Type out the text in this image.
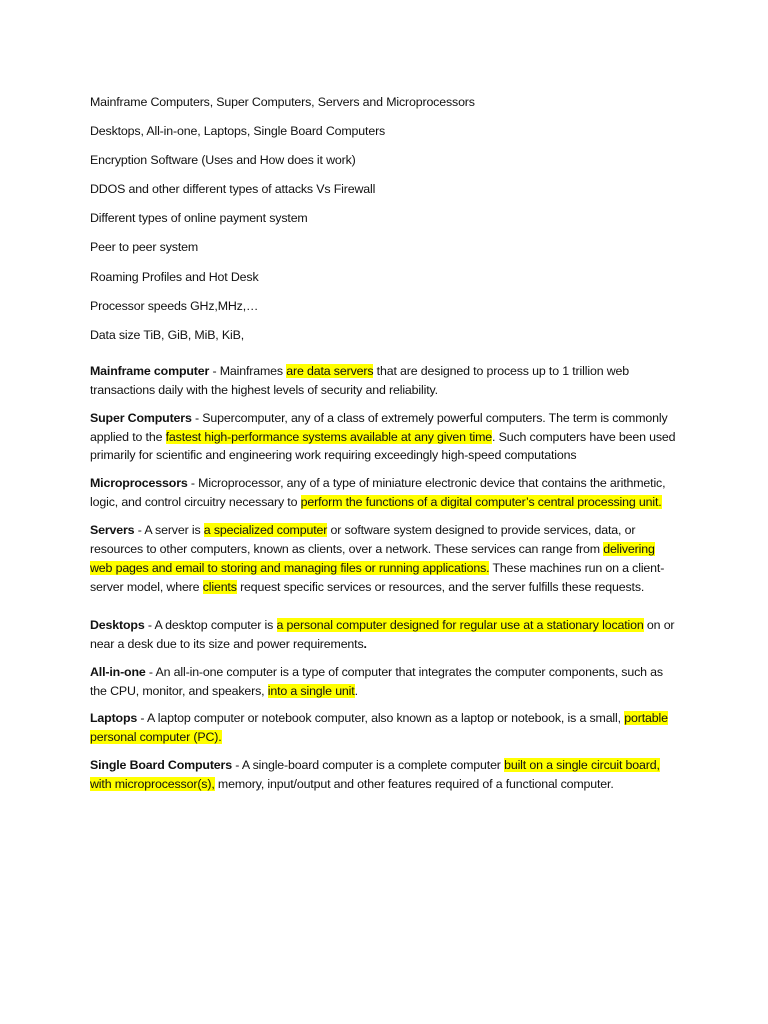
Mainframe Computers, Super Computers, Servers and Microprocessors
Desktops, All-in-one, Laptops, Single Board Computers
Encryption Software (Uses and How does it work)
DDOS and other different types of attacks Vs Firewall
Different types of online payment system
Peer to peer system
Roaming Profiles and Hot Desk
Processor speeds GHz,MHz,…
Data size TiB, GiB, MiB, KiB,

Mainframe computer - Mainframes are data servers that are designed to process up to 1 trillion web transactions daily with the highest levels of security and reliability.

Super Computers - Supercomputer, any of a class of extremely powerful computers. The term is commonly applied to the fastest high-performance systems available at any given time. Such computers have been used primarily for scientific and engineering work requiring exceedingly high-speed computations

Microprocessors - Microprocessor, any of a type of miniature electronic device that contains the arithmetic, logic, and control circuitry necessary to perform the functions of a digital computer’s central processing unit.

Servers - A server is a specialized computer or software system designed to provide services, data, or resources to other computers, known as clients, over a network. These services can range from delivering web pages and email to storing and managing files or running applications. These machines run on a client-server model, where clients request specific services or resources, and the server fulfills these requests.

Desktops - A desktop computer is a personal computer designed for regular use at a stationary location on or near a desk due to its size and power requirements.

All-in-one - An all-in-one computer is a type of computer that integrates the computer components, such as the CPU, monitor, and speakers, into a single unit.

Laptops - A laptop computer or notebook computer, also known as a laptop or notebook, is a small, portable personal computer (PC).

Single Board Computers - A single-board computer is a complete computer built on a single circuit board, with microprocessor(s), memory, input/output and other features required of a functional computer.
